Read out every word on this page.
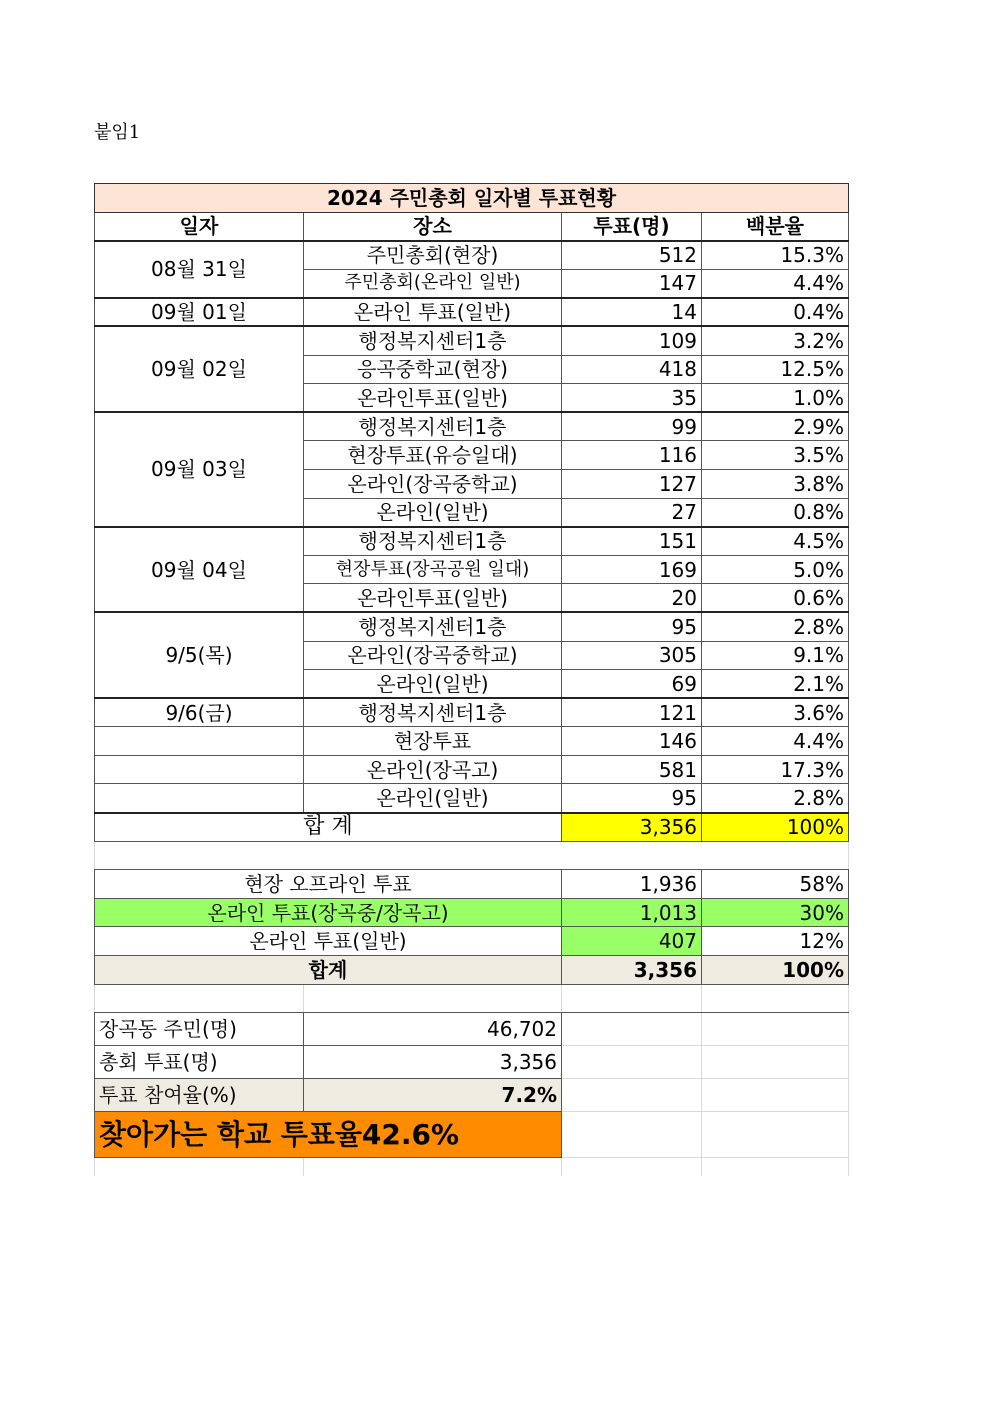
붙임1
2024 주민총회 일자별 투표현황			
일자	장소	투표(명)	백분율
08월 31일	주민총회(현장)	512	15.3%
	주민총회(온라인 일반)	147	4.4%
09월 01일	온라인 투표(일반)	14	0.4%
09월 02일	행정복지센터1층	109	3.2%
	응곡중학교(현장)	418	12.5%
	온라인투표(일반)	35	1.0%
09월 03일	행정복지센터1층	99	2.9%
	현장투표(유승일대)	116	3.5%
	온라인(장곡중학교)	127	3.8%
	온라인(일반)	27	0.8%
09월 04일	행정복지센터1층	151	4.5%
	현장투표(장곡공원 일대)	169	5.0%
	온라인투표(일반)	20	0.6%
9/5(목)	행정복지센터1층	95	2.8%
	온라인(장곡중학교)	305	9.1%
	온라인(일반)	69	2.1%
9/6(금)	행정복지센터1층	121	3.6%
	현장투표	146	4.4%
	온라인(장곡고)	581	17.3%
	온라인(일반)	95	2.8%
합 계		3,356	100%

현장 오프라인 투표		1,936	58%
온라인 투표(장곡중/장곡고)		1,013	30%
온라인 투표(일반)		407	12%
합계		3,356	100%

장곡동 주민(명)	46,702		
총회 투표(명)	3,356		
투표 참여율(%)	7.2%		
찾아가는 학교 투표율42.6%			
